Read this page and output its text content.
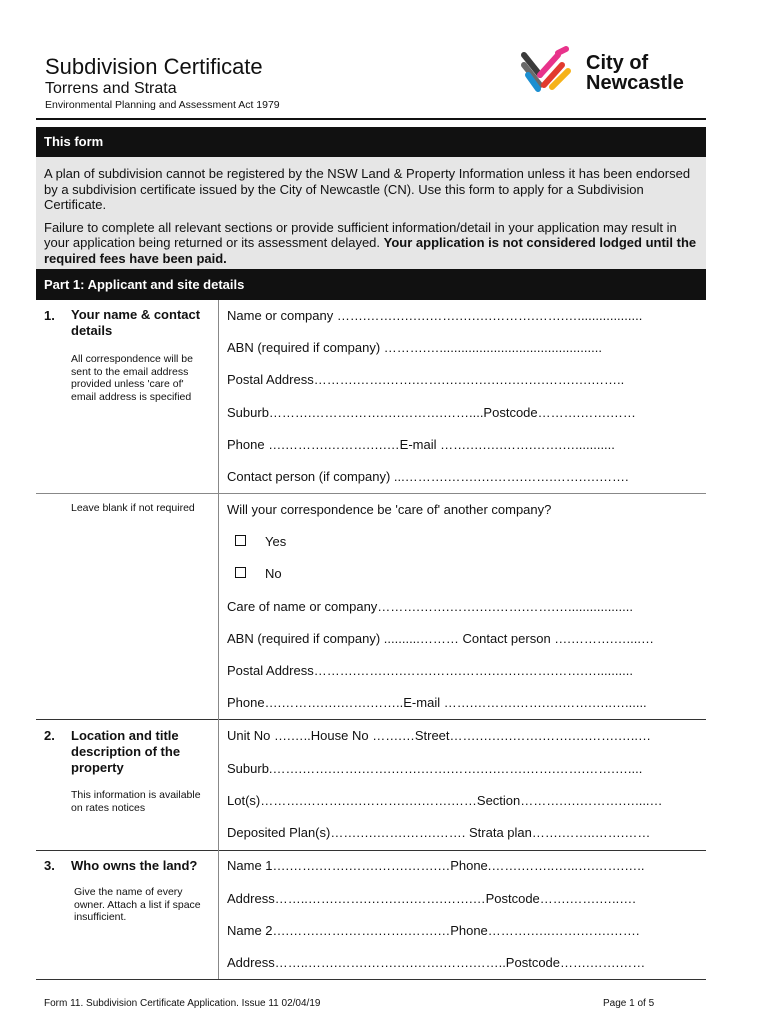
Subdivision Certificate
Torrens and Strata
Environmental Planning and Assessment Act 1979
City of
Newcastle
This form

A plan of subdivision cannot be registered by the NSW Land & Property Information unless it has been endorsed by a subdivision certificate issued by the City of Newcastle (CN). Use this form to apply for a Subdivision Certificate.

Failure to complete all relevant sections or provide sufficient information/detail in your application may result in your application being returned or its assessment delayed. Your application is not considered lodged until the required fees have been paid.

Part 1: Applicant and site details
1. Your name & contact details
All correspondence will be sent to the email address provided unless 'care of' email address is specified
Name or company …….…….….….…….….….……….…….…..................
ABN (required if company) ……….….............................................
Postal Address……….…….…….…….….….….….….….…….….……..
Suburb……….……….…….….……….……....Postcode……….…….……
Phone ….……….……….….…E-mail …….….….…….…….…...........
Contact person (if company) ...……….…….….…….…….…….….…….
Leave blank if not required	Will your correspondence be 'care of' another company?
Yes
No
Care of name or company……….…….…….….…….…….…..................
ABN (required if company) ..........……… Contact person ….……….…....…
Postal Address……….…….….…….…….…….….….…….…….…..........
Phone….……….….…….……..E-mail …….……….…….….…….…..…......
2. Location and title description of the property
This information is available on rates notices
Unit No ….…..House No …….…Street…….….….…….…….….…….…..…
Suburb.…….…….…….…….…….…….…….….…….…….…….…….…....
Lot(s)……….……….….……….….…….……Section……….….……….…....…
Deposited Plan(s)…….….…….…….……. Strata plan…….……..…….……
3. Who owns the land?
Give the name of every owner. Attach a list if space insufficient.
Name 1….…….…….…….…….…….…Phone.…….……..…...….…….…..
Address……..…….…….…….….…….…….…Postcode…….…….…..….
Name 2….…….…….…….…….…….…Phone……….…..…….…….…….
Address……..…….…….…….….…….…….……..Postcode…….…….……
Form 11. Subdivision Certificate Application. Issue 11 02/04/19	Page 1 of 5
